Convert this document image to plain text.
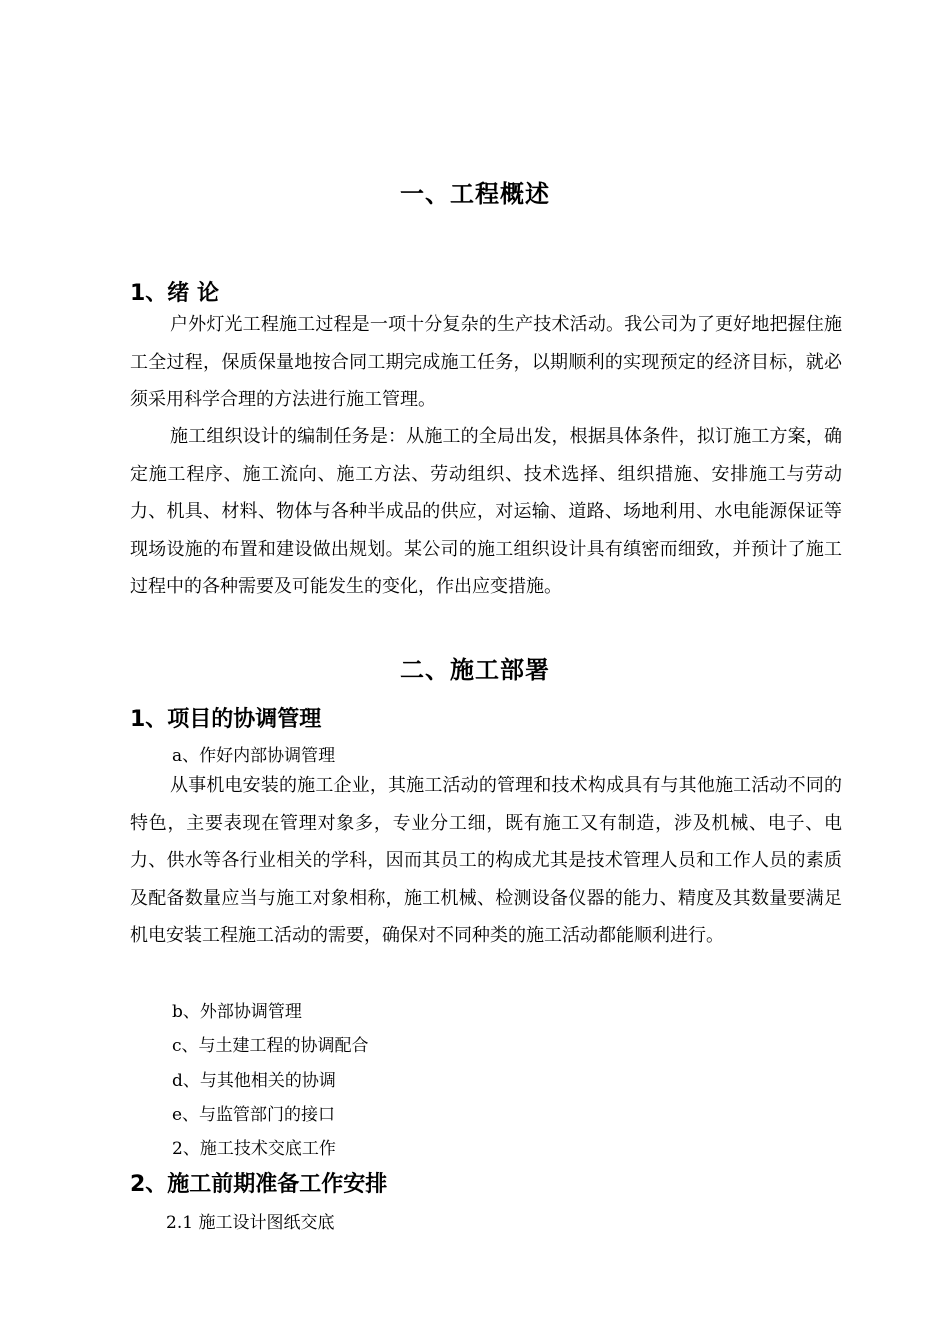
一、工程概述
1、绪 论
户外灯光工程施工过程是一项十分复杂的生产技术活动。我公司为了更好地把握住施工全过程，保质保量地按合同工期完成施工任务，以期顺利的实现预定的经济目标，就必须采用科学合理的方法进行施工管理。
施工组织设计的编制任务是：从施工的全局出发，根据具体条件，拟订施工方案，确定施工程序、施工流向、施工方法、劳动组织、技术选择、组织措施、安排施工与劳动力、机具、材料、物体与各种半成品的供应，对运输、道路、场地利用、水电能源保证等现场设施的布置和建设做出规划。某公司的施工组织设计具有缜密而细致，并预计了施工过程中的各种需要及可能发生的变化，作出应变措施。
二、施工部署
1、项目的协调管理
a、作好内部协调管理
从事机电安装的施工企业，其施工活动的管理和技术构成具有与其他施工活动不同的特色，主要表现在管理对象多，专业分工细，既有施工又有制造，涉及机械、电子、电力、供水等各行业相关的学科，因而其员工的构成尤其是技术管理人员和工作人员的素质及配备数量应当与施工对象相称，施工机械、检测设备仪器的能力、精度及其数量要满足机电安装工程施工活动的需要，确保对不同种类的施工活动都能顺利进行。
b、外部协调管理
c、与土建工程的协调配合
d、与其他相关的协调
e、与监管部门的接口
2、施工技术交底工作
2、施工前期准备工作安排
2.1 施工设计图纸交底
